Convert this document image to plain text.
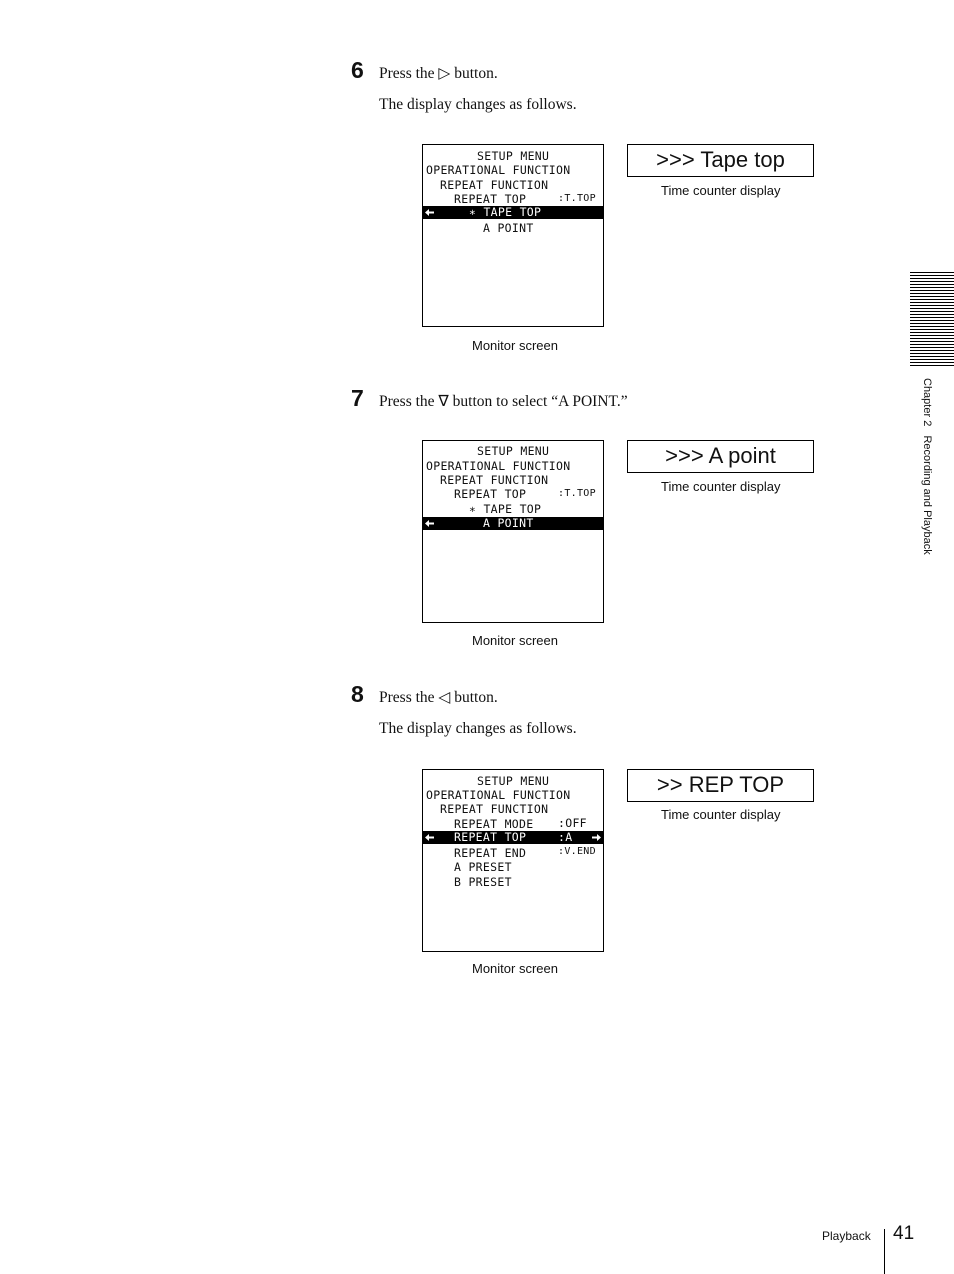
6 Press the ▷ button.
The display changes as follows.
SETUP MENU
OPERATIONAL FUNCTION
REPEAT FUNCTION
REPEAT TOP	:T.TOP
∗ TAPE TOP
A POINT
Monitor screen
>>> Tape top
Time counter display
7 Press the ∇ button to select “A POINT.”
SETUP MENU
OPERATIONAL FUNCTION
REPEAT FUNCTION
REPEAT TOP	:T.TOP
∗ TAPE TOP
A POINT
Monitor screen
>>> A point
Time counter display
8 Press the ◁ button.
The display changes as follows.
SETUP MENU
OPERATIONAL FUNCTION
REPEAT FUNCTION
REPEAT MODE :OFF
REPEAT TOP	:A
REPEAT END	:V.END
A PRESET
B PRESET
Monitor screen
>> REP TOP
Time counter display
Chapter 2   Recording and Playback
Playback 41
